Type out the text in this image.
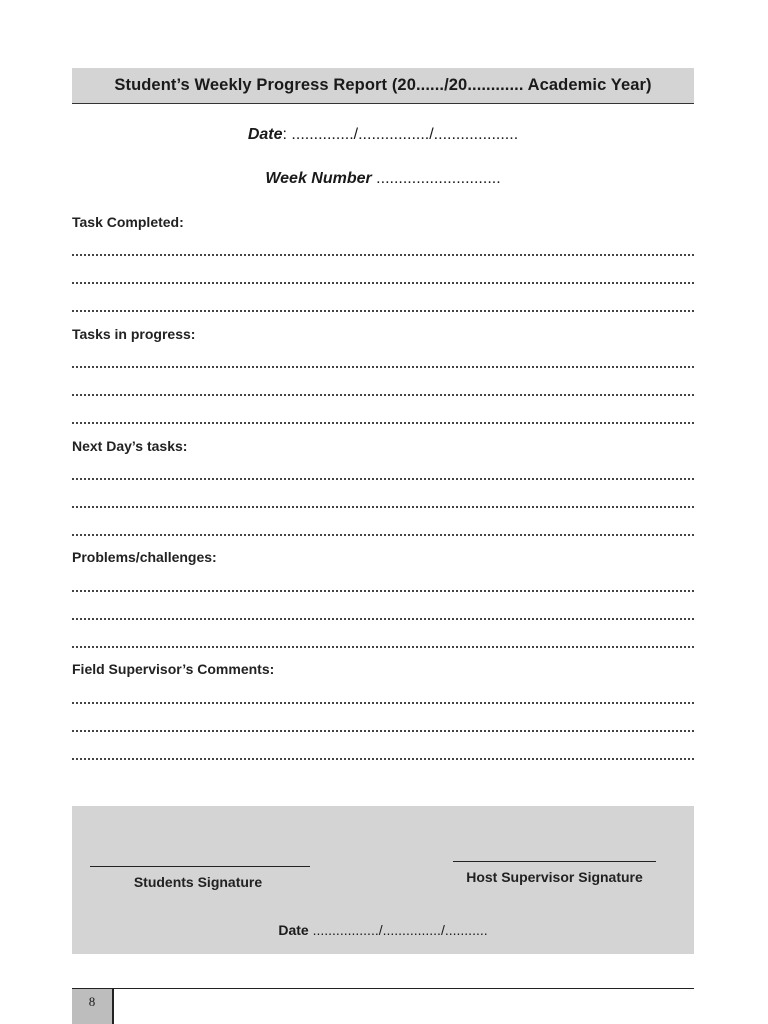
Student’s Weekly Progress Report (20....../20............ Academic Year)
Date: ............../................/...................
Week Number ............................
Task Completed:
Tasks in progress:
Next Day’s tasks:
Problems/challenges:
Field Supervisor’s Comments:
Students Signature	Host Supervisor Signature
Date ................./.............../...........
8
